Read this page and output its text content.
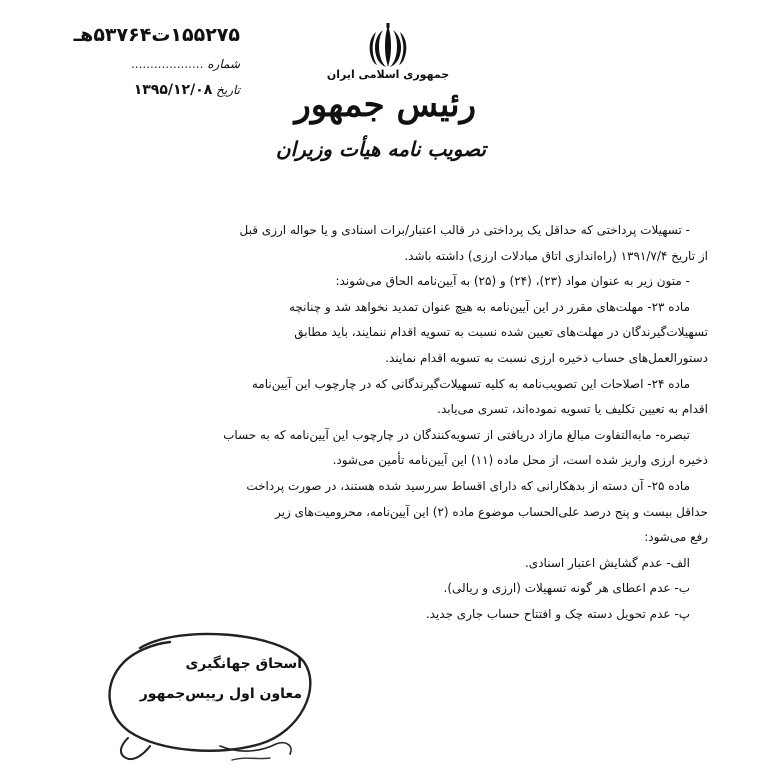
۱۵۵۲۷۵ت۵۳۷۶۴هـ
شماره ...................
تاریخ ۱۳۹۵/۱۲/۰۸
جمهوری اسلامی ایران
رئیس جمهور
تصویب نامه هیأت وزیران

- تسهیلات پرداختی که حداقل یک پرداختی در قالب اعتبار/برات اسنادی و یا حواله ارزی قبل

از تاریخ ۱۳۹۱/۷/۴ (راه‌اندازی اتاق مبادلات ارزی) داشته باشد.

- متون زیر به عنوان مواد (۲۳)، (۲۴) و (۲۵) به آیین‌نامه الحاق می‌شوند:

ماده ۲۳- مهلت‌های مقرر در این آیین‌نامه به هیچ عنوان تمدید نخواهد شد و چنانچه

تسهیلات‌گیرندگان در مهلت‌های تعیین شده نسبت به تسویه اقدام ننمایند، باید مطابق

دستورالعمل‌های حساب ذخیره ارزی نسبت به تسویه اقدام نمایند.

ماده ۲۴- اصلاحات این تصویب‌نامه به کلیه تسهیلات‌گیرندگانی که در چارچوب این آیین‌نامه

اقدام به تعیین تکلیف یا تسویه نموده‌اند، تسری می‌یابد.

تبصره- مابه‌التفاوت مبالغ مازاد دریافتی از تسویه‌کنندگان در چارچوب این آیین‌نامه که به حساب

ذخیره ارزی واریز شده است، از محل ماده (۱۱) این آیین‌نامه تأمین می‌شود.

ماده ۲۵- آن دسته از بدهکارانی که دارای اقساط سررسید شده هستند، در صورت پرداخت

حداقل بیست و پنج درصد علی‌الحساب موضوع ماده (۲) این آیین‌نامه، محرومیت‌های زیر

رفع می‌شود:

الف- عدم گشایش اعتبار اسنادی.

ب- عدم اعطای هر گونه تسهیلات (ارزی و ریالی).

پ- عدم تحویل دسته چک و افتتاح حساب جاری جدید.

اسحاق جهانگیری
معاون اول رییس‌جمهور
